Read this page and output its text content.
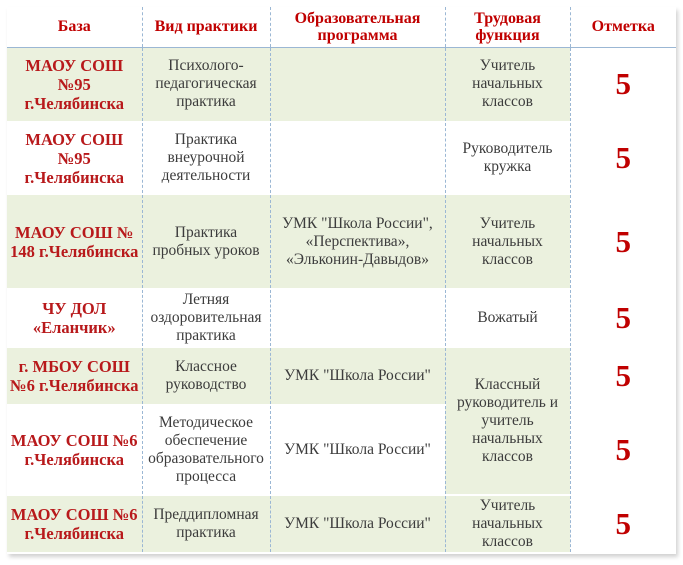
База	Вид практики	Образовательная программа	Трудовая функция	Отметка
МАОУ СОШ №95 г.Челябинска	Психолого-педагогическая практика		Учитель начальных классов	5
МАОУ СОШ №95 г.Челябинска	Практика внеурочной деятельности		Руководитель кружка	5
МАОУ СОШ № 148 г.Челябинска	Практика пробных уроков	УМК "Школа России", «Перспектива», «Эльконин-Давыдов»	Учитель начальных классов	5
ЧУ ДОЛ «Еланчик»	Летняя оздоровительная практика		Вожатый	5
г. МБОУ СОШ №6 г.Челябинска	Классное руководство	УМК "Школа России"	Классный руководитель и учитель начальных классов	5
МАОУ СОШ №6 г.Челябинска	Методическое обеспечение образовательного процесса	УМК "Школа России"		5
МАОУ СОШ №6 г.Челябинска	Преддипломная практика	УМК "Школа России"	Учитель начальных классов	5
